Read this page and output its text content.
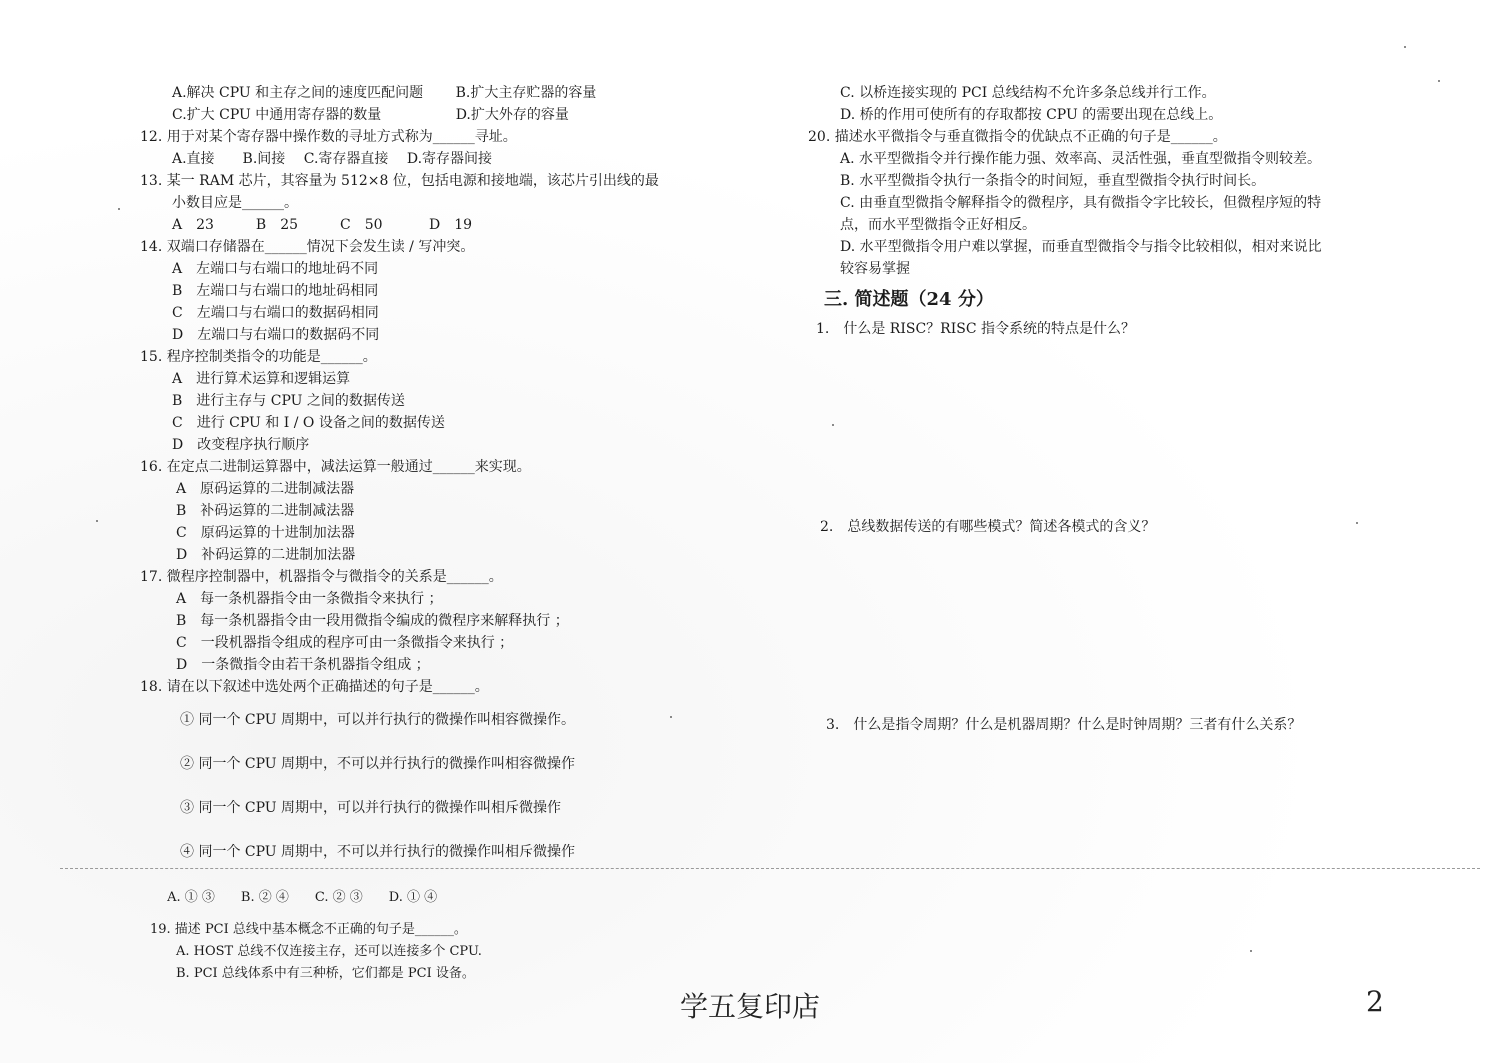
A.解决 CPU 和主存之间的速度匹配问题　　 B.扩大主存贮器的容量
C.扩大 CPU 中通用寄存器的数量　　　　　 D.扩大外存的容量
12. 用于对某个寄存器中操作数的寻址方式称为______寻址。
A.直接　　B.间接　 C.寄存器直接　 D.寄存器间接
13. 某一 RAM 芯片，其容量为 512×8 位，包括电源和接地端，该芯片引出线的最
小数目应是______。
A　23　　　B　25　　　C　50　　　 D　19
14. 双端口存储器在______情况下会发生读 / 写冲突。
A　左端口与右端口的地址码不同
B　左端口与右端口的地址码相同
C　左端口与右端口的数据码相同
D　左端口与右端口的数据码不同
15. 程序控制类指令的功能是______。
A　进行算术运算和逻辑运算
B　进行主存与 CPU 之间的数据传送
C　进行 CPU 和 I / O 设备之间的数据传送
D　改变程序执行顺序
16. 在定点二进制运算器中，减法运算一般通过______来实现。
A　原码运算的二进制减法器
B　补码运算的二进制减法器
C　原码运算的十进制加法器
D　补码运算的二进制加法器
17. 微程序控制器中，机器指令与微指令的关系是______。
A　每一条机器指令由一条微指令来执行 ；
B　每一条机器指令由一段用微指令编成的微程序来解释执行 ；
C　一段机器指令组成的程序可由一条微指令来执行 ；
D　一条微指令由若干条机器指令组成 ；
18. 请在以下叙述中选处两个正确描述的句子是______。
① 同一个 CPU 周期中，可以并行执行的微操作叫相容微操作。
② 同一个 CPU 周期中，不可以并行执行的微操作叫相容微操作
③ 同一个 CPU 周期中，可以并行执行的微操作叫相斥微操作
④ 同一个 CPU 周期中，不可以并行执行的微操作叫相斥微操作
C. 以桥连接实现的 PCI 总线结构不允许多条总线并行工作。
D. 桥的作用可使所有的存取都按 CPU 的需要出现在总线上。
20. 描述水平微指令与垂直微指令的优缺点不正确的句子是______。
A. 水平型微指令并行操作能力强、效率高、灵活性强，垂直型微指令则较差。
B. 水平型微指令执行一条指令的时间短，垂直型微指令执行时间长。
C. 由垂直型微指令解释指令的微程序，具有微指令字比较长，但微程序短的特
点，而水平型微指令正好相反。
D. 水平型微指令用户难以掌握，而垂直型微指令与指令比较相似，相对来说比
较容易掌握
三. 简述题（24 分）
1.　什么是 RISC？RISC 指令系统的特点是什么？
2.　总线数据传送的有哪些模式？简述各模式的含义？
3.　什么是指令周期？什么是机器周期？什么是时钟周期？三者有什么关系？
　 A. ① ③　　B. ② ④　　C. ② ③　　D. ① ④
19. 描述 PCI 总线中基本概念不正确的句子是______。
　　A. HOST 总线不仅连接主存，还可以连接多个 CPU.
　　B. PCI 总线体系中有三种桥，它们都是 PCI 设备。
学五复印店	2
